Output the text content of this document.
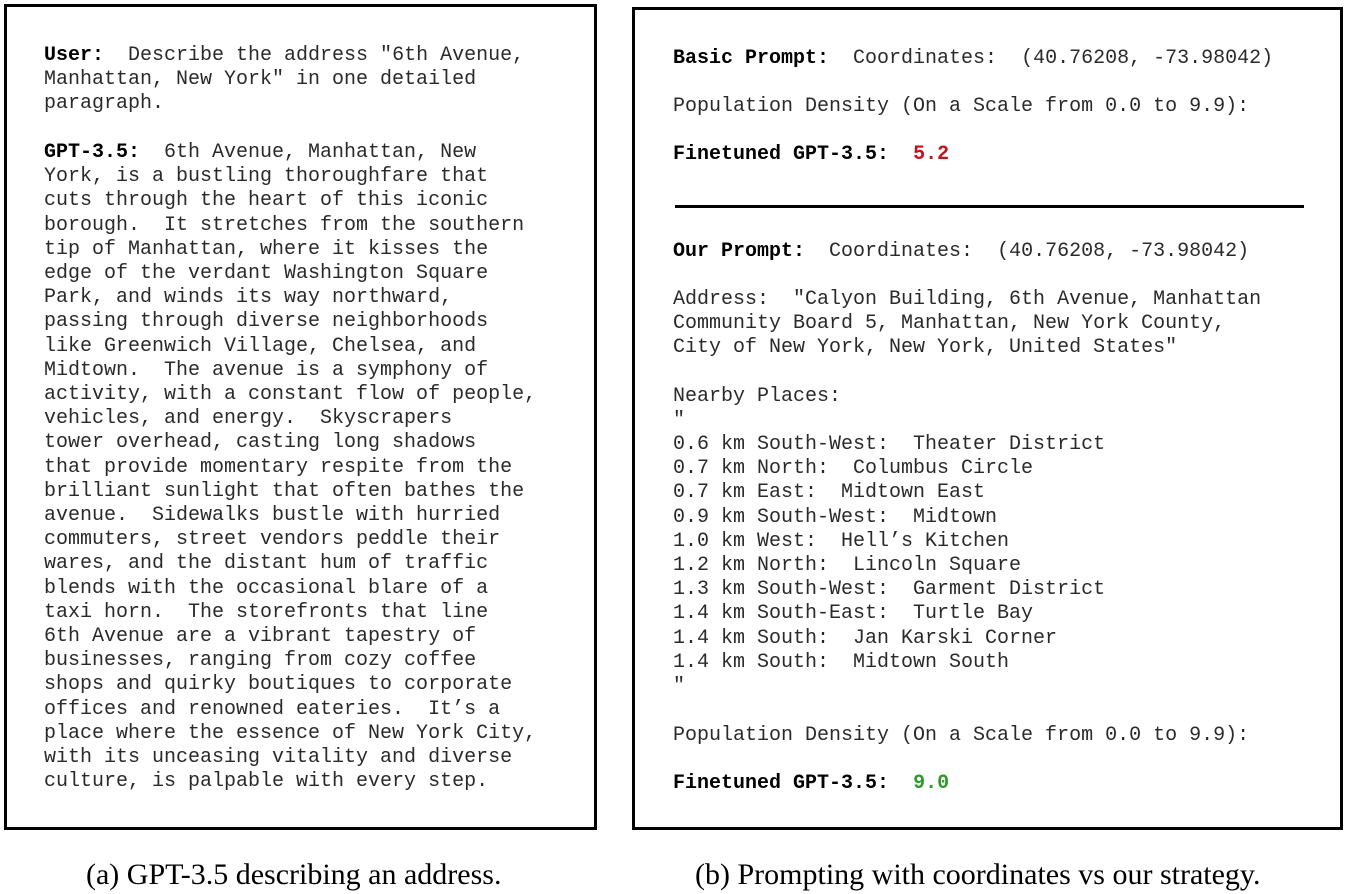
User:  Describe the address "6th Avenue,
Manhattan, New York" in one detailed
paragraph.
GPT-3.5:  6th Avenue, Manhattan, New
York, is a bustling thoroughfare that
cuts through the heart of this iconic
borough.  It stretches from the southern
tip of Manhattan, where it kisses the
edge of the verdant Washington Square
Park, and winds its way northward,
passing through diverse neighborhoods
like Greenwich Village, Chelsea, and
Midtown.  The avenue is a symphony of
activity, with a constant flow of people,
vehicles, and energy.  Skyscrapers
tower overhead, casting long shadows
that provide momentary respite from the
brilliant sunlight that often bathes the
avenue.  Sidewalks bustle with hurried
commuters, street vendors peddle their
wares, and the distant hum of traffic
blends with the occasional blare of a
taxi horn.  The storefronts that line
6th Avenue are a vibrant tapestry of
businesses, ranging from cozy coffee
shops and quirky boutiques to corporate
offices and renowned eateries.  It’s a
place where the essence of New York City,
with its unceasing vitality and diverse
culture, is palpable with every step.
Basic Prompt:  Coordinates:  (40.76208, -73.98042)
Population Density (On a Scale from 0.0 to 9.9):
Finetuned GPT-3.5: 5.2
Our Prompt:  Coordinates:  (40.76208, -73.98042)
Address:  "Calyon Building, 6th Avenue, Manhattan
Community Board 5, Manhattan, New York County,
City of New York, New York, United States"
Nearby Places:
"
0.6 km South-West:  Theater District
0.7 km North:  Columbus Circle
0.7 km East:  Midtown East
0.9 km South-West:  Midtown
1.0 km West:  Hell’s Kitchen
1.2 km North:  Lincoln Square
1.3 km South-West:  Garment District
1.4 km South-East:  Turtle Bay
1.4 km South:  Jan Karski Corner
1.4 km South:  Midtown South
"
Population Density (On a Scale from 0.0 to 9.9):
Finetuned GPT-3.5: 9.0
(a) GPT-3.5 describing an address.	(b) Prompting with coordinates vs our strategy.
